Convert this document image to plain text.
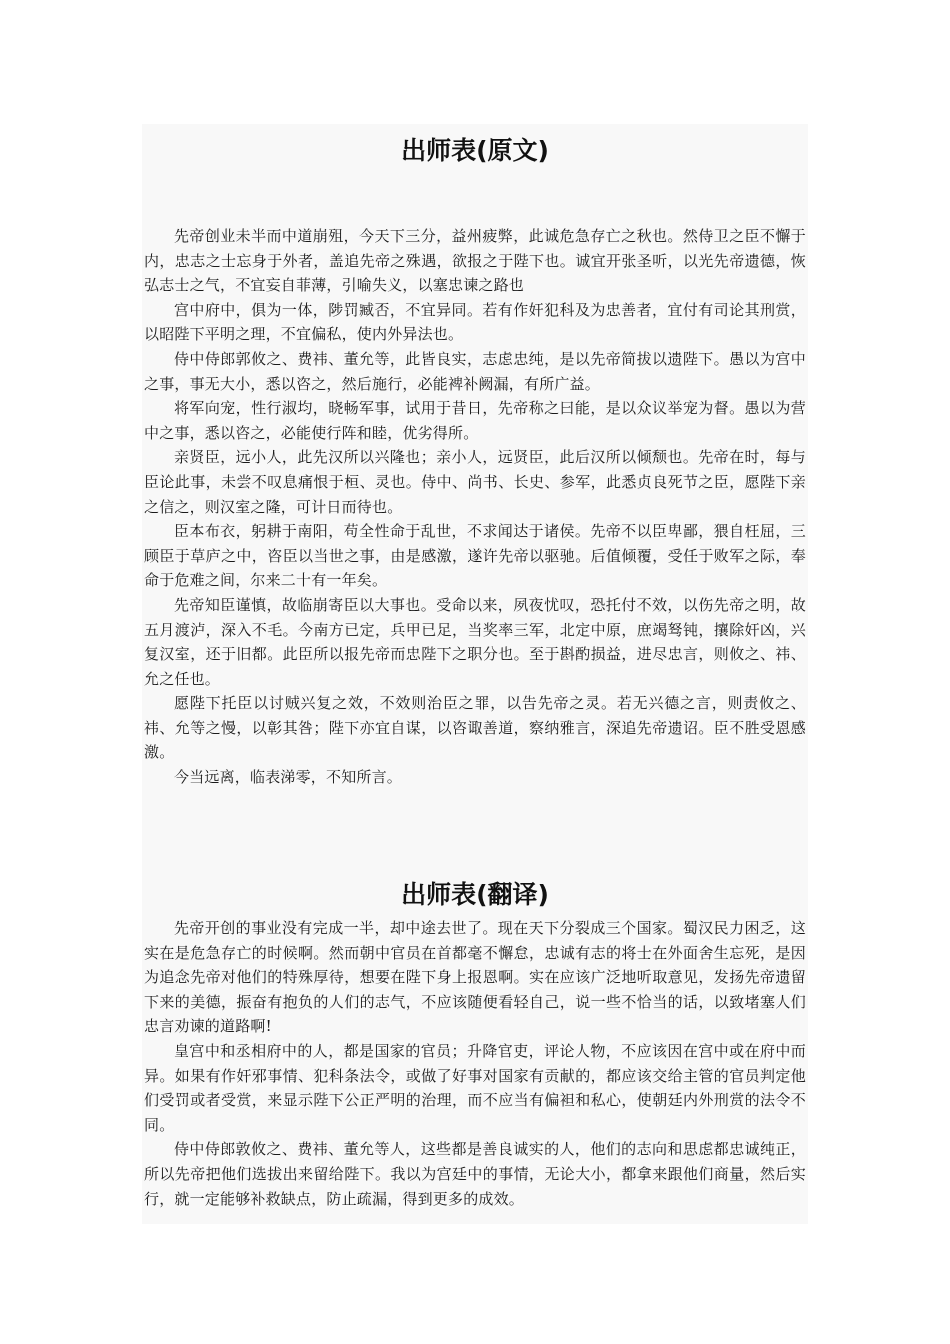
出师表(原文)

先帝创业未半而中道崩殂，今天下三分，益州疲弊，此诚危急存亡之秋也。然侍卫之臣不懈于内，忠志之士忘身于外者，盖追先帝之殊遇，欲报之于陛下也。诚宜开张圣听，以光先帝遗德，恢弘志士之气，不宜妄自菲薄，引喻失义，以塞忠谏之路也

宫中府中，俱为一体，陟罚臧否，不宜异同。若有作奸犯科及为忠善者，宜付有司论其刑赏，以昭陛下平明之理，不宜偏私，使内外异法也。

侍中侍郎郭攸之、费祎、董允等，此皆良实，志虑忠纯，是以先帝简拔以遗陛下。愚以为宫中之事，事无大小，悉以咨之，然后施行，必能裨补阙漏，有所广益。

将军向宠，性行淑均，晓畅军事，试用于昔日，先帝称之曰能，是以众议举宠为督。愚以为营中之事，悉以咨之，必能使行阵和睦，优劣得所。

亲贤臣，远小人，此先汉所以兴隆也；亲小人，远贤臣，此后汉所以倾颓也。先帝在时，每与臣论此事，未尝不叹息痛恨于桓、灵也。侍中、尚书、长史、参军，此悉贞良死节之臣，愿陛下亲之信之，则汉室之隆，可计日而待也。

臣本布衣，躬耕于南阳，苟全性命于乱世，不求闻达于诸侯。先帝不以臣卑鄙，猥自枉屈，三顾臣于草庐之中，咨臣以当世之事，由是感激，遂许先帝以驱驰。后值倾覆，受任于败军之际，奉命于危难之间，尔来二十有一年矣。

先帝知臣谨慎，故临崩寄臣以大事也。受命以来，夙夜忧叹，恐托付不效，以伤先帝之明，故五月渡泸，深入不毛。今南方已定，兵甲已足，当奖率三军，北定中原，庶竭驽钝，攘除奸凶，兴复汉室，还于旧都。此臣所以报先帝而忠陛下之职分也。至于斟酌损益，进尽忠言，则攸之、祎、允之任也。

愿陛下托臣以讨贼兴复之效，不效则治臣之罪，以告先帝之灵。若无兴德之言，则责攸之、祎、允等之慢，以彰其咎；陛下亦宜自谋，以咨诹善道，察纳雅言，深追先帝遗诏。臣不胜受恩感激。

今当远离，临表涕零，不知所言。

出师表(翻译)

先帝开创的事业没有完成一半，却中途去世了。现在天下分裂成三个国家。蜀汉民力困乏，这实在是危急存亡的时候啊。然而朝中官员在首都毫不懈怠，忠诚有志的将士在外面舍生忘死，是因为追念先帝对他们的特殊厚待，想要在陛下身上报恩啊。实在应该广泛地听取意见，发扬先帝遗留下来的美德，振奋有抱负的人们的志气，不应该随便看轻自己，说一些不恰当的话，以致堵塞人们忠言劝谏的道路啊!

皇宫中和丞相府中的人，都是国家的官员；升降官吏，评论人物，不应该因在宫中或在府中而异。如果有作奸邪事情、犯科条法令，或做了好事对国家有贡献的，都应该交给主管的官员判定他们受罚或者受赏，来显示陛下公正严明的治理，而不应当有偏袒和私心，使朝廷内外刑赏的法令不同。

侍中侍郎敦攸之、费祎、董允等人，这些都是善良诚实的人，他们的志向和思虑都忠诚纯正，所以先帝把他们选拔出来留给陛下。我以为宫廷中的事情，无论大小，都拿来跟他们商量，然后实行，就一定能够补救缺点，防止疏漏，得到更多的成效。
